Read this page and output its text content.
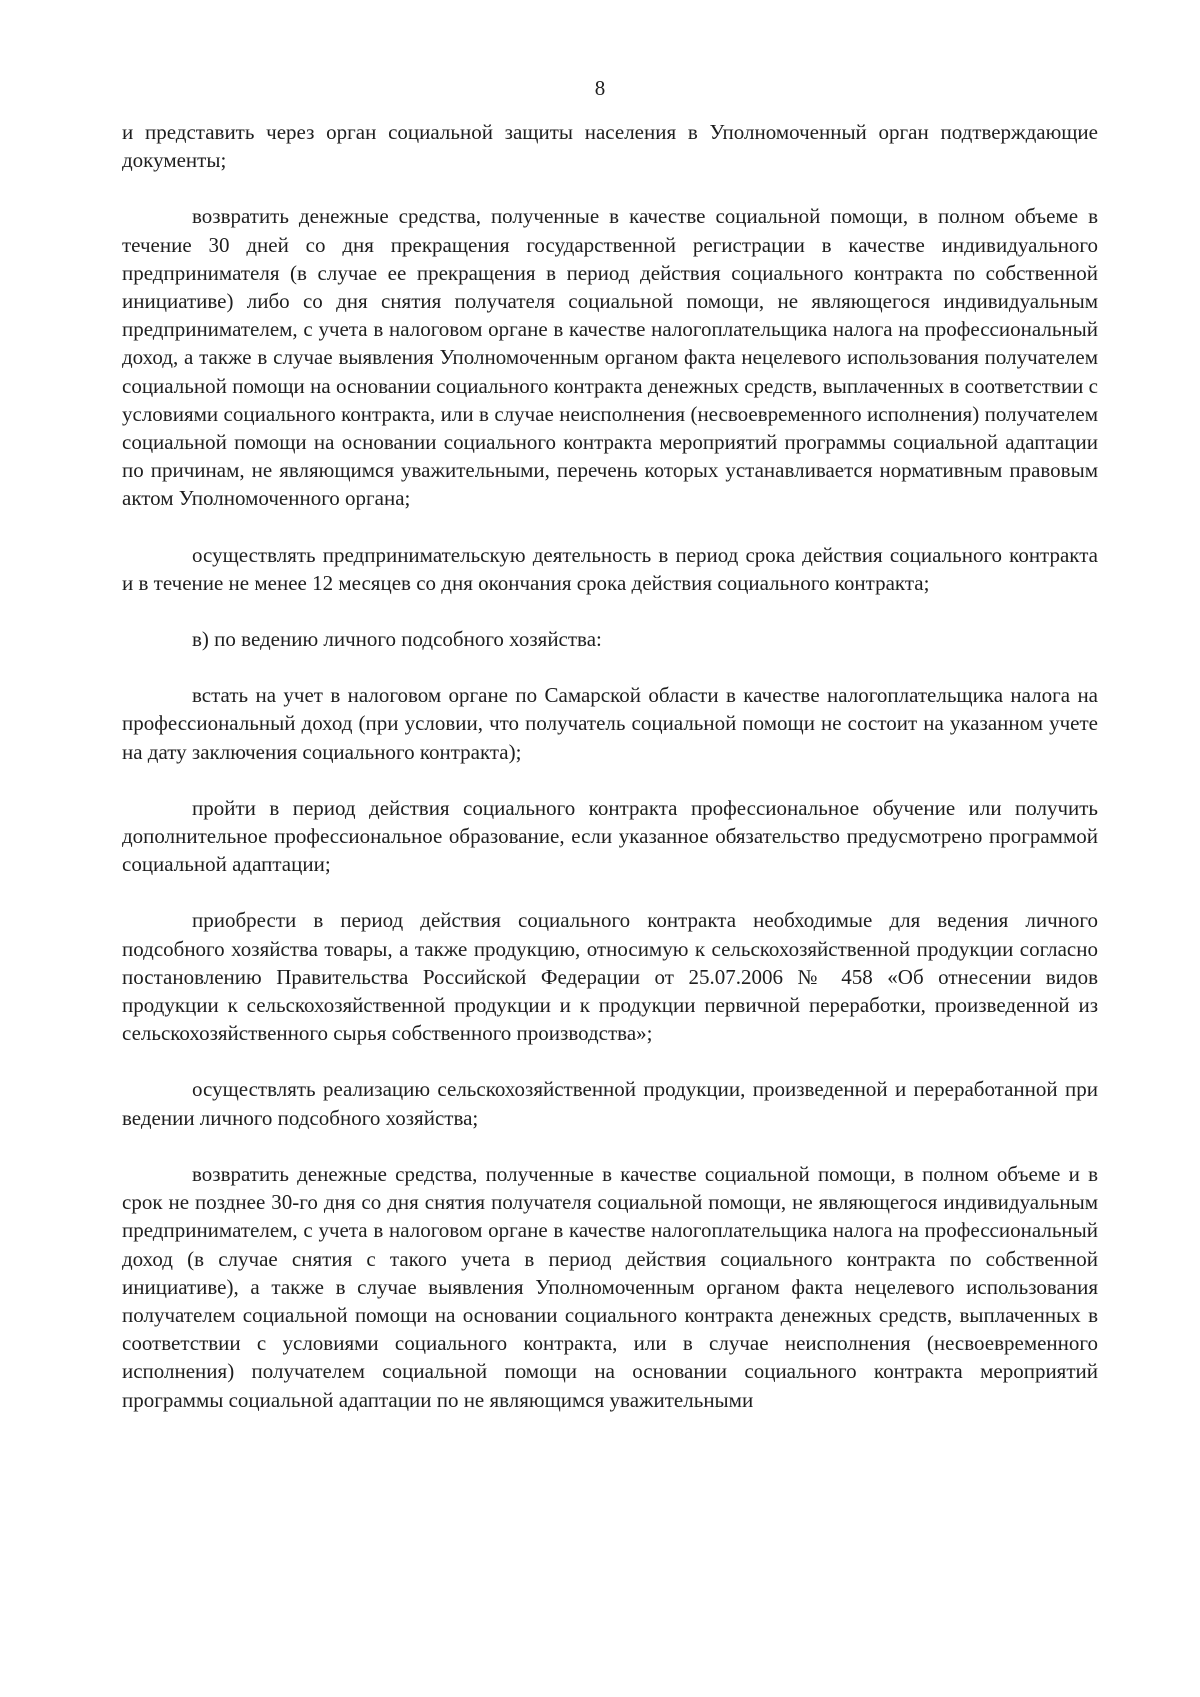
8

и представить через орган социальной защиты населения в Уполномоченный орган подтверждающие документы;

возвратить денежные средства, полученные в качестве социальной помощи, в полном объеме в течение 30 дней со дня прекращения государственной регистрации в качестве индивидуального предпринимателя (в случае ее прекращения в период действия социального контракта по собственной инициативе) либо со дня снятия получателя социальной помощи, не являющегося индивидуальным предпринимателем, с учета в налоговом органе в качестве налогоплательщика налога на профессиональный доход, а также в случае выявления Уполномоченным органом факта нецелевого использования получателем социальной помощи на основании социального контракта денежных средств, выплаченных в соответствии с условиями социального контракта, или в случае неисполнения (несвоевременного исполнения) получателем социальной помощи на основании социального контракта мероприятий программы социальной адаптации по причинам, не являющимся уважительными, перечень которых устанавливается нормативным правовым актом Уполномоченного органа;

осуществлять предпринимательскую деятельность в период срока действия социального контракта и в течение не менее 12 месяцев со дня окончания срока действия социального контракта;

в) по ведению личного подсобного хозяйства:

встать на учет в налоговом органе по Самарской области в качестве налогоплательщика налога на профессиональный доход (при условии, что получатель социальной помощи не состоит на указанном учете на дату заключения социального контракта);

пройти в период действия социального контракта профессиональное обучение или получить дополнительное профессиональное образование, если указанное обязательство предусмотрено программой социальной адаптации;

приобрести в период действия социального контракта необходимые для ведения личного подсобного хозяйства товары, а также продукцию, относимую к сельскохозяйственной продукции согласно постановлению Правительства Российской Федерации от 25.07.2006 № 458 «Об отнесении видов продукции к сельскохозяйственной продукции и к продукции первичной переработки, произведенной из сельскохозяйственного сырья собственного производства»;

осуществлять реализацию сельскохозяйственной продукции, произведенной и переработанной при ведении личного подсобного хозяйства;

возвратить денежные средства, полученные в качестве социальной помощи, в полном объеме и в срок не позднее 30-го дня со дня снятия получателя социальной помощи, не являющегося индивидуальным предпринимателем, с учета в налоговом органе в качестве налогоплательщика налога на профессиональный доход (в случае снятия с такого учета в период действия социального контракта по собственной инициативе), а также в случае выявления Уполномоченным органом факта нецелевого использования получателем социальной помощи на основании социального контракта денежных средств, выплаченных в соответствии с условиями социального контракта, или в случае неисполнения (несвоевременного исполнения) получателем социальной помощи на основании социального контракта мероприятий программы социальной адаптации по не являющимся уважительными
